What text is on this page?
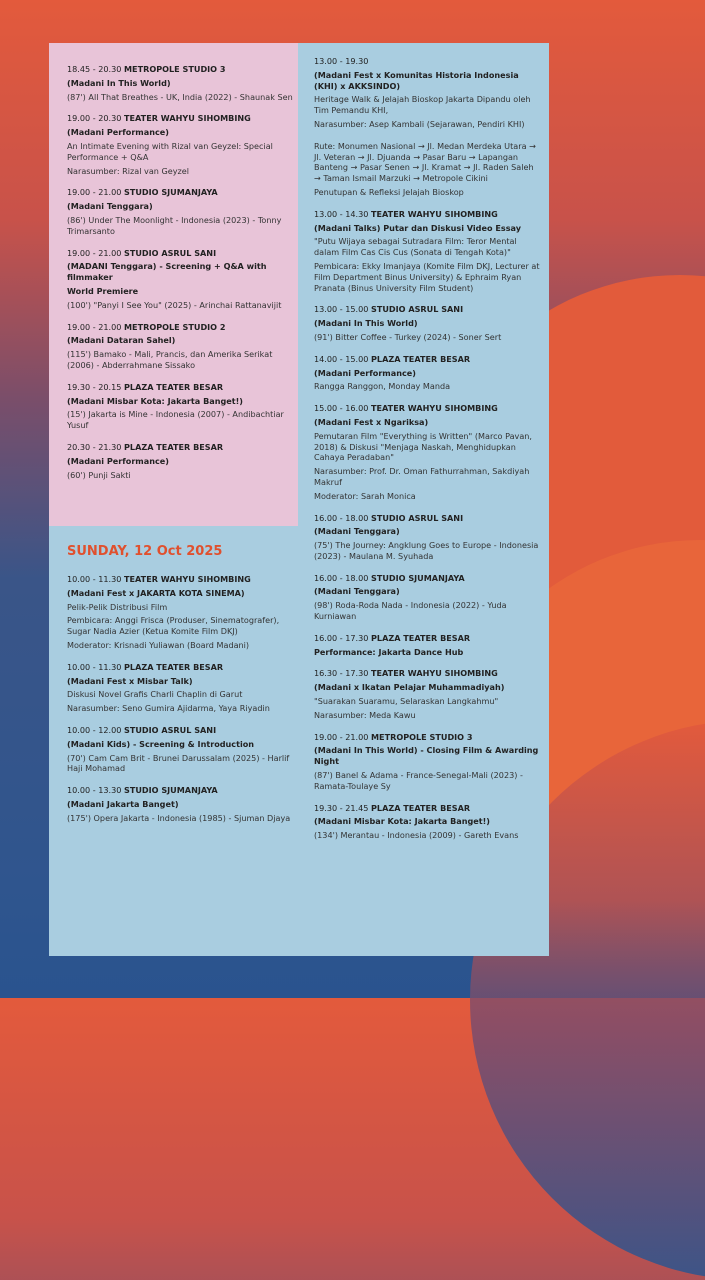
18.45 - 20.30 METROPOLE STUDIO 3
(Madani In This World)
(87') All That Breathes - UK, India (2022) - Shaunak Sen
19.00 - 20.30 TEATER WAHYU SIHOMBING
(Madani Performance)
An Intimate Evening with Rizal van Geyzel: Special Performance + Q&A
Narasumber: Rizal van Geyzel
19.00 - 21.00 STUDIO SJUMANJAYA
(Madani Tenggara)
(86') Under The Moonlight - Indonesia (2023) - Tonny Trimarsanto
19.00 - 21.00 STUDIO ASRUL SANI
(MADANI Tenggara) - Screening + Q&A with filmmaker
World Premiere
(100') "Panyi I See You" (2025) - Arinchai Rattanavijit
19.00 - 21.00 METROPOLE STUDIO 2
(Madani Dataran Sahel)
(115') Bamako - Mali, Prancis, dan Amerika Serikat (2006) - Abderrahmane Sissako
19.30 - 20.15 PLAZA TEATER BESAR
(Madani Misbar Kota: Jakarta Banget!)
(15') Jakarta is Mine - Indonesia (2007) - Andibachtiar Yusuf
20.30 - 21.30 PLAZA TEATER BESAR
(Madani Performance)
(60') Punji Sakti
SUNDAY, 12 Oct 2025
10.00 - 11.30 TEATER WAHYU SIHOMBING
(Madani Fest x JAKARTA KOTA SINEMA)
Pelik-Pelik Distribusi Film
Pembicara: Anggi Frisca (Produser, Sinematografer), Sugar Nadia Azier (Ketua Komite Film DKJ)
Moderator: Krisnadi Yuliawan (Board Madani)
10.00 - 11.30 PLAZA TEATER BESAR
(Madani Fest x Misbar Talk)
Diskusi Novel Grafis Charli Chaplin di Garut
Narasumber: Seno Gumira Ajidarma, Yaya Riyadin
10.00 - 12.00 STUDIO ASRUL SANI
(Madani Kids) - Screening & Introduction
(70') Cam Cam Brit - Brunei Darussalam (2025) - Harlif Haji Mohamad
10.00 - 13.30 STUDIO SJUMANJAYA
(Madani Jakarta Banget)
(175') Opera Jakarta - Indonesia (1985) - Sjuman Djaya
13.00 - 19.30
(Madani Fest x Komunitas Historia Indonesia (KHI) x AKKSINDO)
Heritage Walk & Jelajah Bioskop Jakarta Dipandu oleh Tim Pemandu KHI,
Narasumber: Asep Kambali (Sejarawan, Pendiri KHI)
Rute: Monumen Nasional → Jl. Medan Merdeka Utara → Jl. Veteran → Jl. Djuanda → Pasar Baru → Lapangan Banteng → Pasar Senen → Jl. Kramat → Jl. Raden Saleh → Taman Ismail Marzuki → Metropole Cikini
Penutupan & Refleksi Jelajah Bioskop
13.00 - 14.30 TEATER WAHYU SIHOMBING
(Madani Talks) Putar dan Diskusi Video Essay
"Putu Wijaya sebagai Sutradara Film: Teror Mental dalam Film Cas Cis Cus (Sonata di Tengah Kota)"
Pembicara: Ekky Imanjaya (Komite Film DKJ, Lecturer at Film Department Binus University) & Ephraim Ryan Pranata (Binus University Film Student)
13.00 - 15.00 STUDIO ASRUL SANI
(Madani In This World)
(91') Bitter Coffee - Turkey (2024) - Soner Sert
14.00 - 15.00 PLAZA TEATER BESAR
(Madani Performance)
Rangga Ranggon, Monday Manda
15.00 - 16.00 TEATER WAHYU SIHOMBING
(Madani Fest x Ngariksa)
Pemutaran Film "Everything is Written" (Marco Pavan, 2018) & Diskusi "Menjaga Naskah, Menghidupkan Cahaya Peradaban"
Narasumber: Prof. Dr. Oman Fathurrahman, Sakdiyah Makruf
Moderator: Sarah Monica
16.00 - 18.00 STUDIO ASRUL SANI
(Madani Tenggara)
(75') The Journey: Angklung Goes to Europe - Indonesia (2023) - Maulana M. Syuhada
16.00 - 18.00 STUDIO SJUMANJAYA
(Madani Tenggara)
(98') Roda-Roda Nada - Indonesia (2022) - Yuda Kurniawan
16.00 - 17.30 PLAZA TEATER BESAR
Performance: Jakarta Dance Hub
16.30 - 17.30 TEATER WAHYU SIHOMBING
(Madani x Ikatan Pelajar Muhammadiyah)
"Suarakan Suaramu, Selaraskan Langkahmu"
Narasumber: Meda Kawu
19.00 - 21.00 METROPOLE STUDIO 3
(Madani In This World) - Closing Film & Awarding Night
(87') Banel & Adama - France-Senegal-Mali (2023) - Ramata-Toulaye Sy
19.30 - 21.45 PLAZA TEATER BESAR
(Madani Misbar Kota: Jakarta Banget!)
(134') Merantau - Indonesia (2009) - Gareth Evans
